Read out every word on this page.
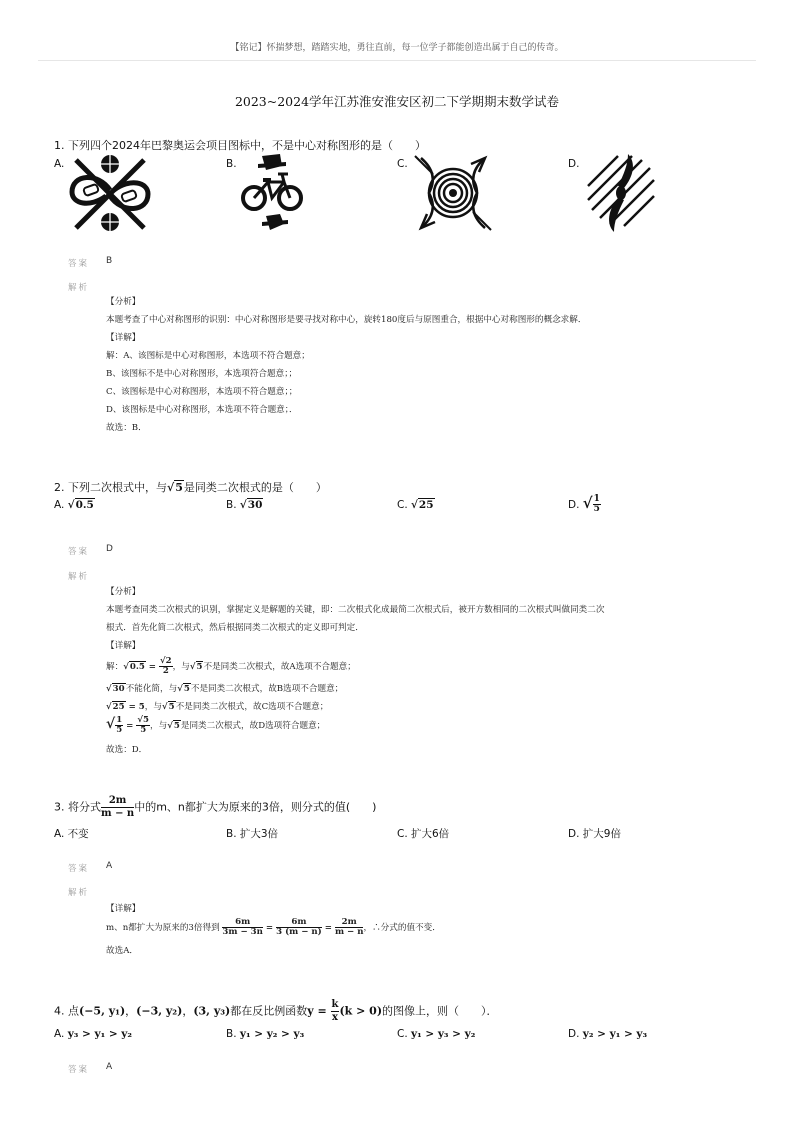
【铭记】怀揣梦想，踏踏实地，勇往直前，每一位学子都能创造出属于自己的传奇。
2023~2024学年江苏淮安淮安区初二下学期期末数学试卷
1. 下列四个2024年巴黎奥运会项目图标中，不是中心对称图形的是（　　）
A.	B.	C.	D.
答案 B
解析
【分析】
本题考查了中心对称图形的识别：中心对称图形是要寻找对称中心，旋转180度后与原图重合，根据中心对称图形的概念求解．
【详解】
解：A、该图标是中心对称图形，本选项不符合题意；
B、该图标不是中心对称图形，本选项符合题意；；
C、该图标是中心对称图形，本选项不符合题意；；
D、该图标是中心对称图形，本选项不符合题意；．
故选：B．
2. 下列二次根式中，与√5是同类二次根式的是（　　）
A. √0.5	B. √30	C. √25	D. √ $\frac{1}{5}$
答案 D
解析
【分析】
本题考查同类二次根式的识别，掌握定义是解题的关键，即：二次根式化成最简二次根式后，被开方数相同的二次根式叫做同类二次
根式．首先化简二次根式，然后根据同类二次根式的定义即可判定．
【详解】
解：$√0.5 = \frac{√2}{2}$ ，与√5不是同类二次根式，故A选项不合题意；
√30不能化简，与√5不是同类二次根式，故B选项不合题意；
√25 = 5，与√5不是同类二次根式，故C选项不合题意；
√ $\frac{1}{5} = \frac{√5}{5}$ ，与√5是同类二次根式，故D选项符合题意；
故选：D．
3. 将分式 $\frac{2m}{m - n}$ 中的m、n都扩大为原来的3倍，则分式的值(　　)
A. 不变	B. 扩大3倍	C. 扩大6倍	D. 扩大9倍
答案 A
解析
【详解】
m、n都扩大为原来的3倍得到 $\frac{6m}{3m - 3n} = \frac{6m}{3 (m - n)} = \frac{2m}{m - n}$ ，∴分式的值不变．
故选A．
4. 点(−5, y₁)，(−3, y₂)，(3, y₃)都在反比例函数$y = \frac{k}{x} (k > 0)$的图像上，则（　　）．
A. y₃ > y₁ > y₂	B. y₁ > y₂ > y₃	C. y₁ > y₃ > y₂	D. y₂ > y₁ > y₃
答案 A
